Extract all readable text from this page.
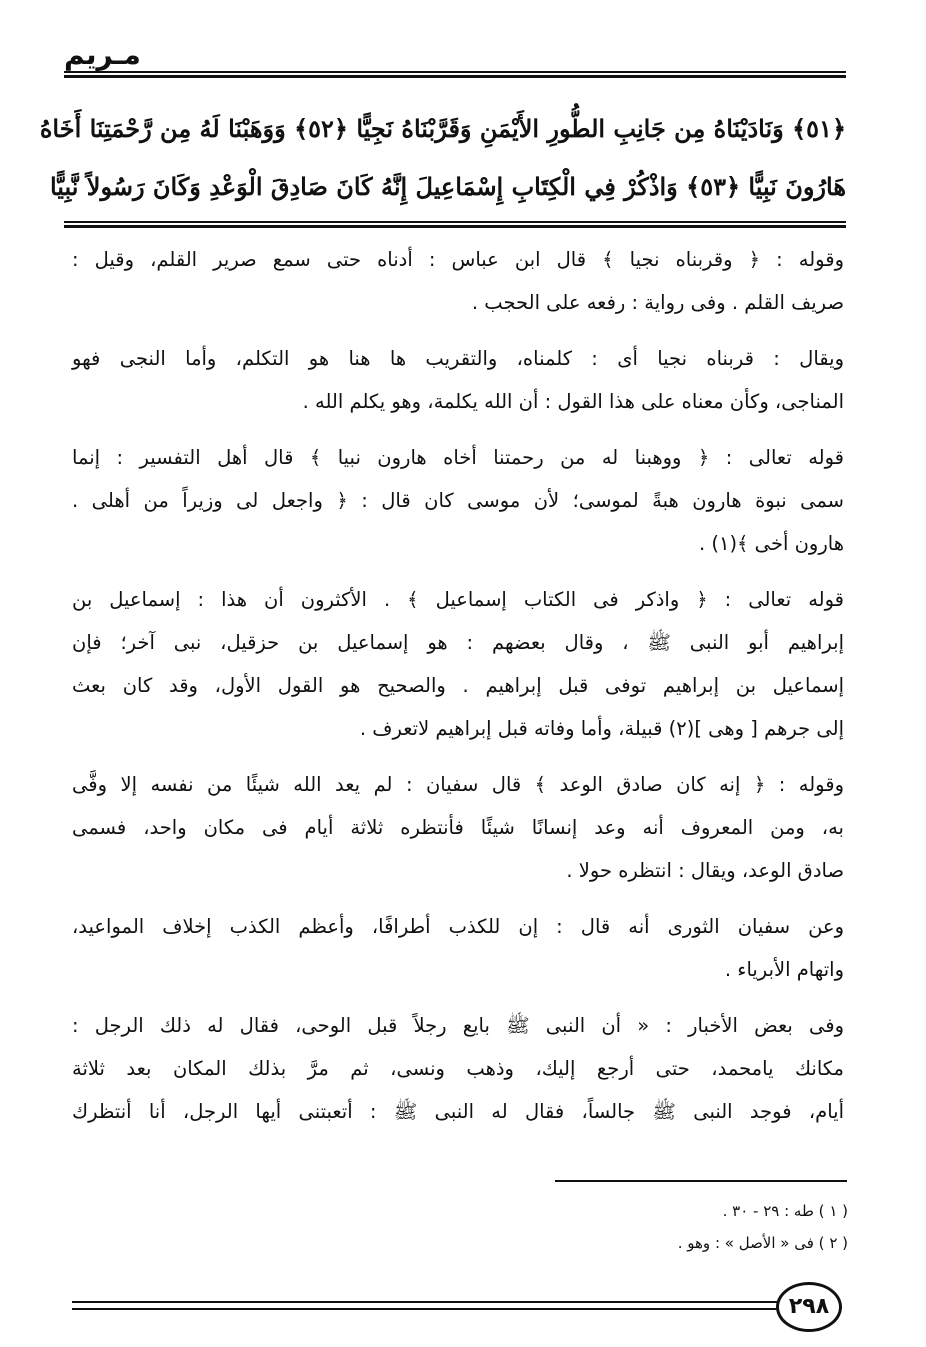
مـريم

﴿٥١﴾ وَنَادَيْنَاهُ مِن جَانِبِ الطُّورِ الأَيْمَنِ وَقَرَّبْنَاهُ نَجِيًّا ﴿٥٢﴾ وَوَهَبْنَا لَهُ مِن رَّحْمَتِنَا أَخَاهُ

هَارُونَ نَبِيًّا ﴿٥٣﴾ وَاذْكُرْ فِي الْكِتَابِ إِسْمَاعِيلَ إِنَّهُ كَانَ صَادِقَ الْوَعْدِ وَكَانَ رَسُولاً نَّبِيًّا

وقوله : ﴿ وقربناه نجيا ﴾ قال ابن عباس : أدناه حتى سمع صرير القلم، وقيل :
صريف القلم . وفى رواية : رفعه على الحجب .
ويقال : قربناه نجيا أى : كلمناه، والتقريب ها هنا هو التكلم، وأما النجى فهو
المناجى، وكأن معناه على هذا القول : أن الله يكلمة، وهو يكلم الله .
قوله تعالى : ﴿ ووهبنا له من رحمتنا أخاه هارون نبيا ﴾ قال أهل التفسير : إنما
سمى نبوة هارون هبةً لموسى؛ لأن موسى كان قال : ﴿ واجعل لى وزيراً من أهلى .
هارون أخى ﴾(١) .
قوله تعالى : ﴿ واذكر فى الكتاب إسماعيل ﴾ . الأكثرون أن هذا : إسماعيل بن
إبراهيم أبو النبى ﷺ ، وقال بعضهم : هو إسماعيل بن حزقيل، نبى آخر؛ فإن
إسماعيل بن إبراهيم توفى قبل إبراهيم . والصحيح هو القول الأول، وقد كان بعث
إلى جرهم [ وهى ](٢) قبيلة، وأما وفاته قبل إبراهيم لاتعرف .
وقوله : ﴿ إنه كان صادق الوعد ﴾ قال سفيان : لم يعد الله شيئًا من نفسه إلا وفَّى
به، ومن المعروف أنه وعد إنسانًا شيئًا فأنتظره ثلاثة أيام فى مكان واحد، فسمى
صادق الوعد، ويقال : انتظره حولا .
وعن سفيان الثورى أنه قال : إن للكذب أطرافًا، وأعظم الكذب إخلاف المواعيد،
واتهام الأبرياء .
وفى بعض الأخبار : « أن النبى ﷺ بايع رجلاً قبل الوحى، فقال له ذلك الرجل :
مكانك يامحمد، حتى أرجع إليك، وذهب ونسى، ثم مرَّ بذلك المكان بعد ثلاثة
أيام، فوجد النبى ﷺ جالساً، فقال له النبى ﷺ : أتعبتنى أيها الرجل، أنا أنتظرك
( ١ ) طه : ٢٩ - ٣٠ .
( ٢ ) فى « الأصل » : وهو .
٢٩٨
